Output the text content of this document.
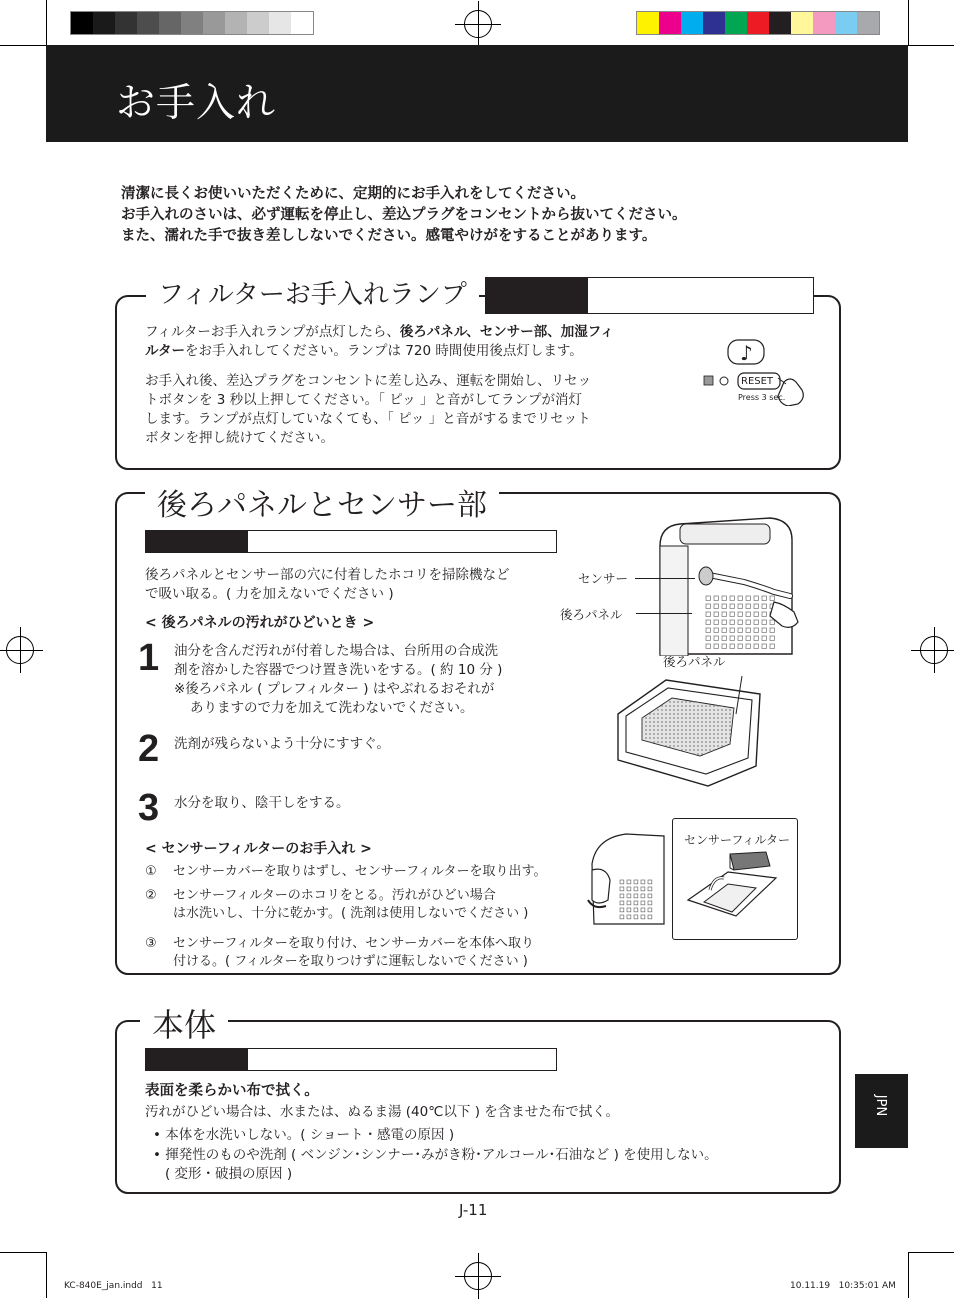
お手入れ
清潔に長くお使いいただくために、定期的にお手入れをしてください。
お手入れのさいは、必ず運転を停止し、差込プラグをコンセントから抜いてください。
また、濡れた手で抜き差ししないでください。感電やけがをすることがあります。
フィルターお手入れランプ
フィルターお手入れランプが点灯したら、後ろパネル、センサー部、加湿フィ
ルターをお手入れしてください。ランプは 720 時間使用後点灯します。
お手入れ後、差込プラグをコンセントに差し込み、運転を開始し、リセッ
トボタンを 3 秒以上押してください。「 ピッ 」と音がしてランプが消灯
します。ランプが点灯していなくても、「 ピッ 」と音がするまでリセット
ボタンを押し続けてください。
♪
RESET
Press 3 sec.
後ろパネルとセンサー部
後ろパネルとセンサー部の穴に付着したホコリを掃除機など
で吸い取る。( 力を加えないでください )
< 後ろパネルの汚れがひどいとき >
1 油分を含んだ汚れが付着した場合は、台所用の合成洗
剤を溶かした容器でつけ置き洗いをする。( 約 10 分 )
※後ろパネル ( プレフィルター ) はやぶれるおそれが
ありますので力を加えて洗わないでください。
2 洗剤が残らないよう十分にすすぐ。
3 水分を取り、陰干しをする。
< センサーフィルターのお手入れ >
① センサーカバーを取りはずし、センサーフィルターを取り出す。
② センサーフィルターのホコリをとる。汚れがひどい場合
は水洗いし、十分に乾かす。( 洗剤は使用しないでください )
③ センサーフィルターを取り付け、センサーカバーを本体へ取り
付ける。( フィルターを取りつけずに運転しないでください )
センサー
後ろパネル
後ろパネル
センサーフィルター
本体
表面を柔らかい布で拭く。
汚れがひどい場合は、水または、ぬるま湯 (40℃以下 ) を含ませた布で拭く。
• 本体を水洗いしない。( ショート・感電の原因 )
• 揮発性のものや洗剤 ( ベンジン･シンナー･みがき粉･アルコール･石油など ) を使用しない。
( 変形・破損の原因 )
JPN
J-11
KC-840E_jan.indd   11	10.11.19   10:35:01 AM
